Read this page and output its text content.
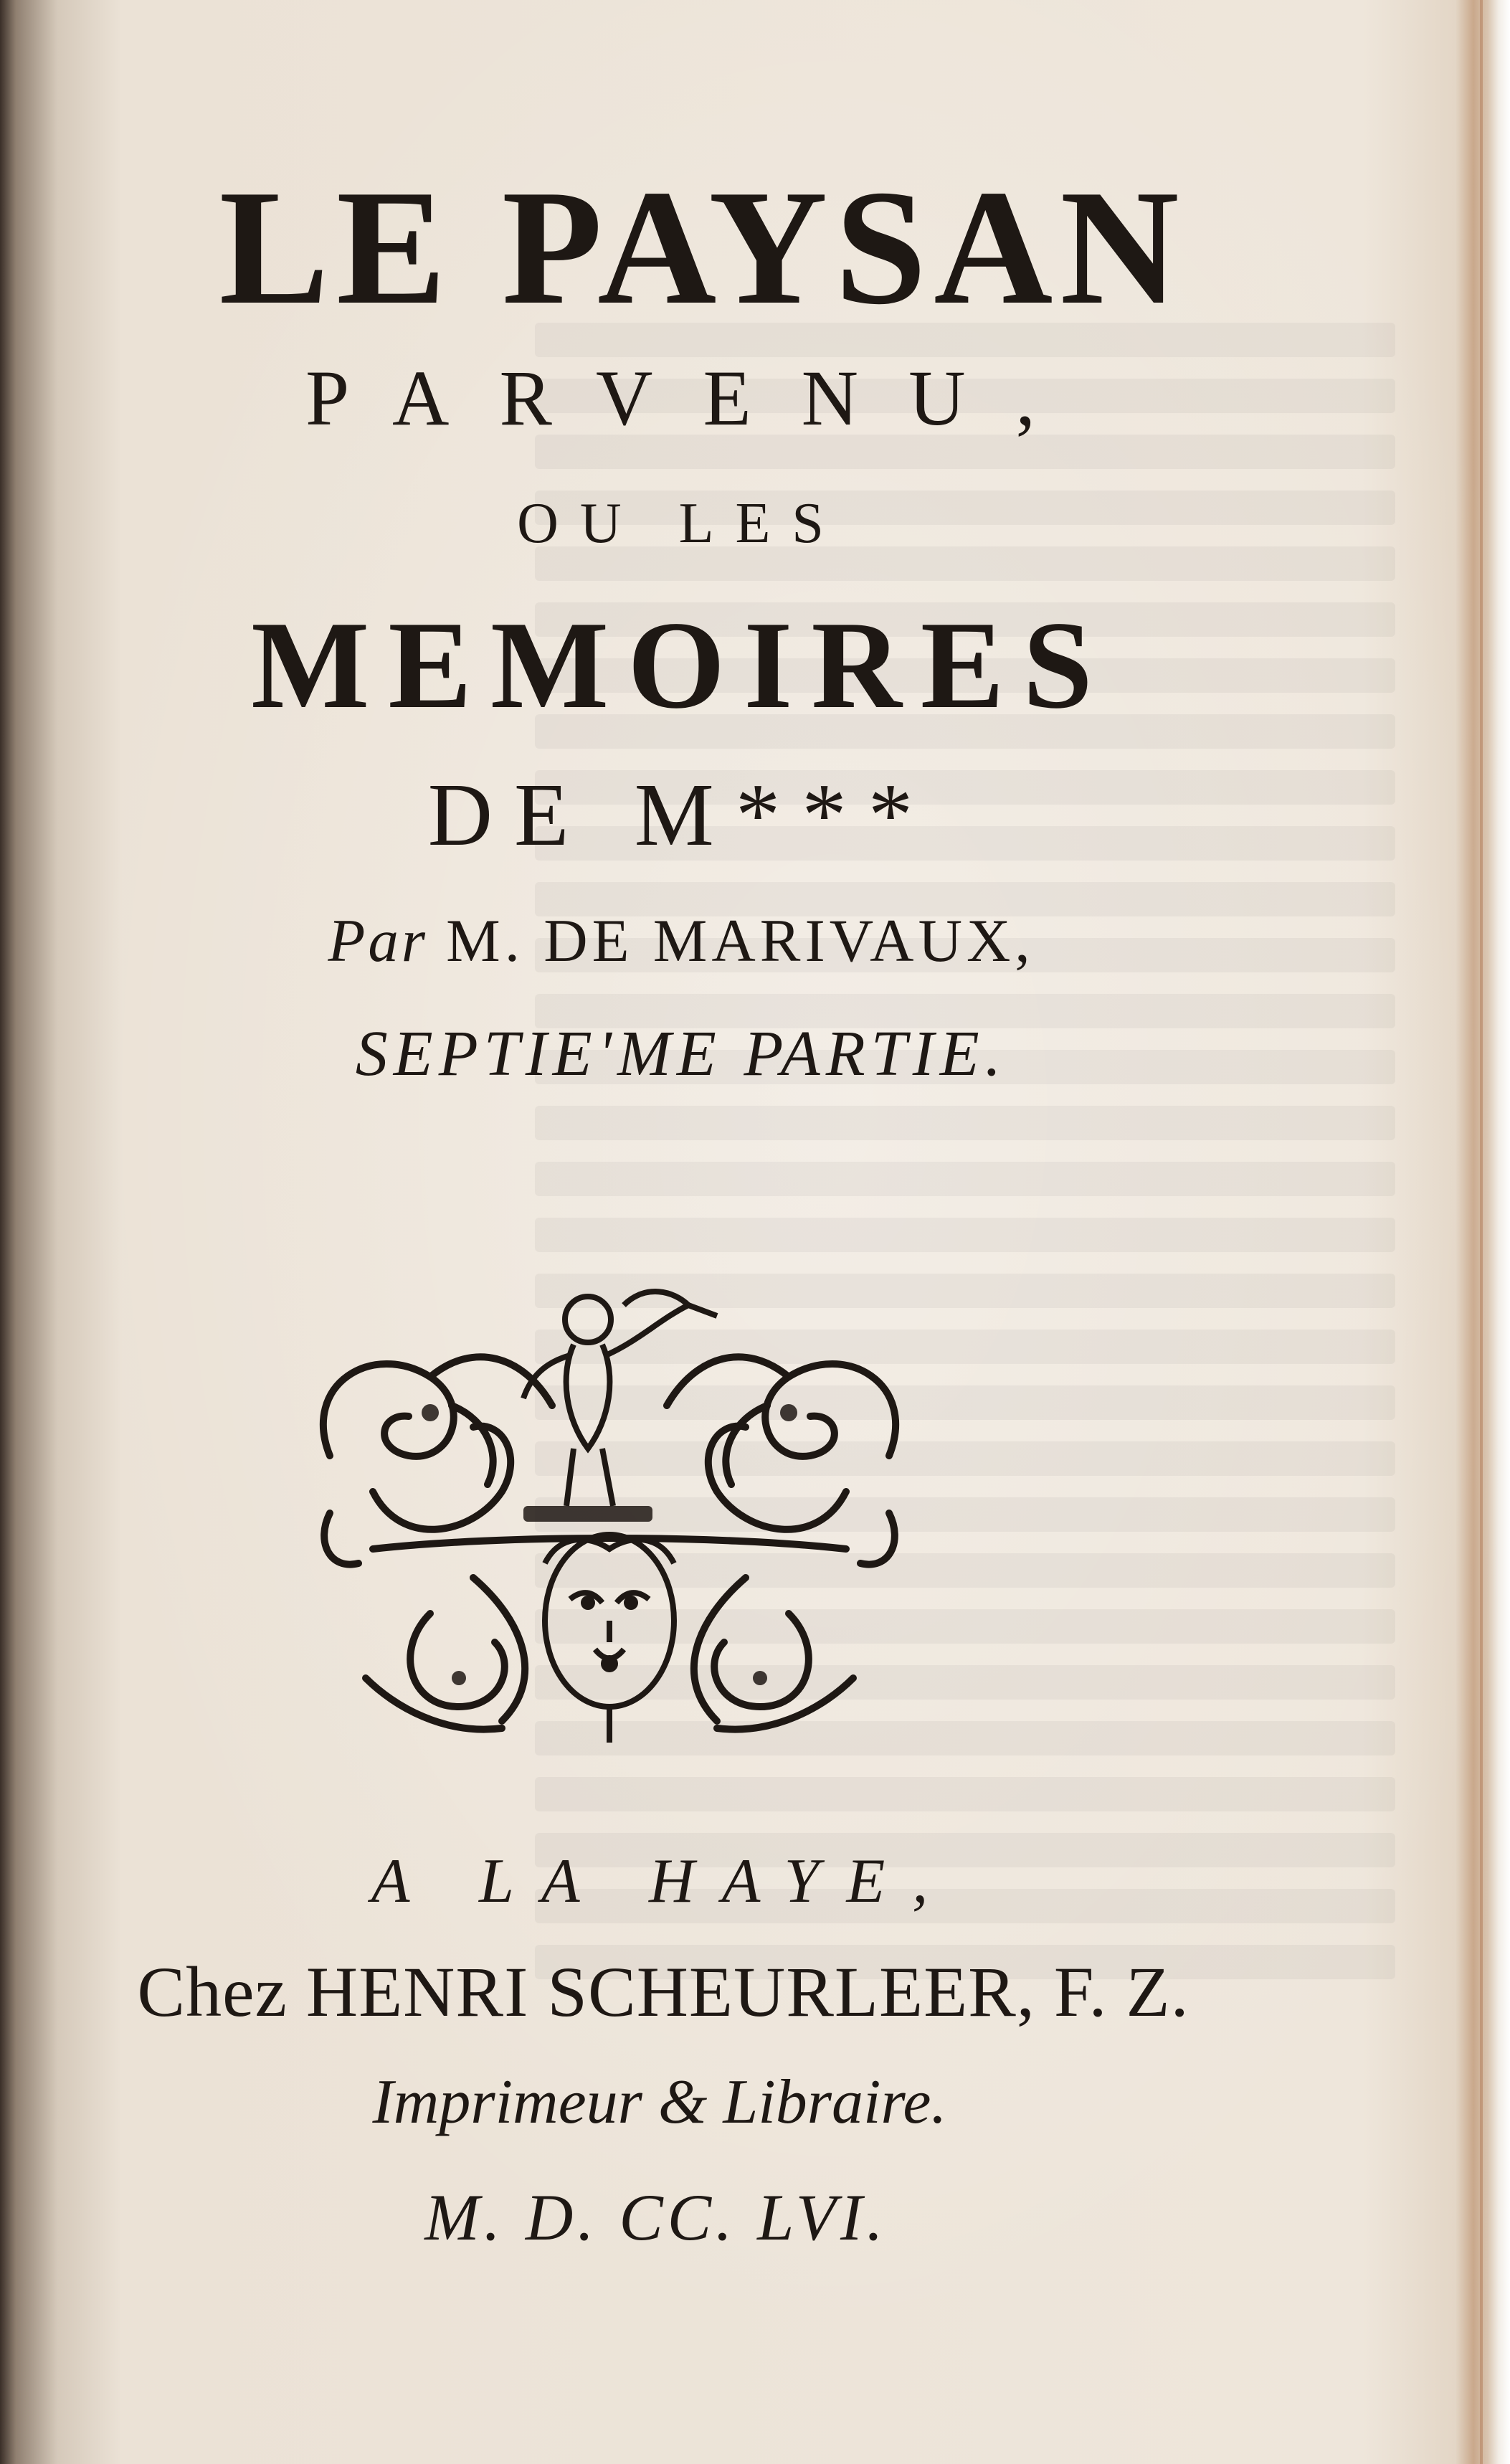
LE PAYSAN
PARVENU,
OU LES
MEMOIRES
DE M***
Par M. DE MARIVAUX,
SEPTIE'ME PARTIE.
A LA HAYE,
Chez HENRI SCHEURLEER, F. Z.
Imprimeur & Libraire.
M. D. CC. LVI.
